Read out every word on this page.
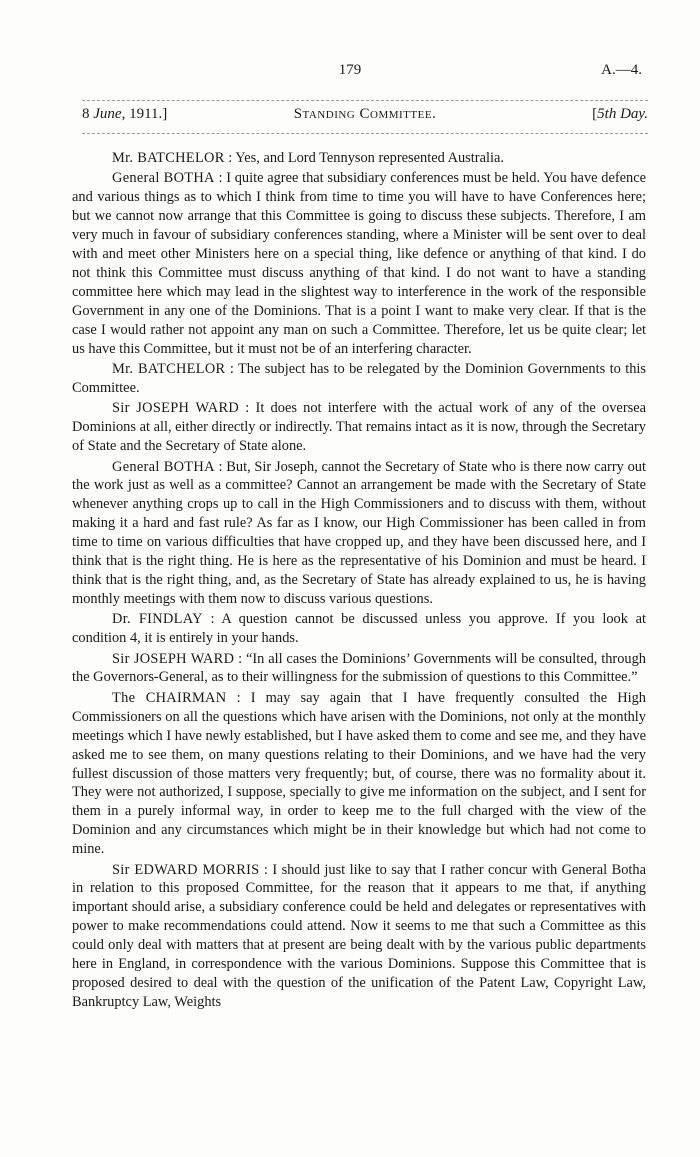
179	A.—4.
8 June, 1911.]	Standing Committee.	[5th Day.

Mr. BATCHELOR : Yes, and Lord Tennyson represented Australia.

General BOTHA : I quite agree that subsidiary conferences must be held. You have defence and various things as to which I think from time to time you will have to have Conferences here; but we cannot now arrange that this Committee is going to discuss these subjects. Therefore, I am very much in favour of subsidiary conferences standing, where a Minister will be sent over to deal with and meet other Ministers here on a special thing, like defence or anything of that kind. I do not think this Committee must discuss anything of that kind. I do not want to have a standing committee here which may lead in the slightest way to interference in the work of the responsible Government in any one of the Dominions. That is a point I want to make very clear. If that is the case I would rather not appoint any man on such a Committee. Therefore, let us be quite clear; let us have this Committee, but it must not be of an interfering character.

Mr. BATCHELOR : The subject has to be relegated by the Dominion Governments to this Committee.

Sir JOSEPH WARD : It does not interfere with the actual work of any of the oversea Dominions at all, either directly or indirectly. That remains intact as it is now, through the Secretary of State and the Secretary of State alone.

General BOTHA : But, Sir Joseph, cannot the Secretary of State who is there now carry out the work just as well as a committee? Cannot an arrangement be made with the Secretary of State whenever anything crops up to call in the High Commissioners and to discuss with them, without making it a hard and fast rule? As far as I know, our High Commissioner has been called in from time to time on various difficulties that have cropped up, and they have been discussed here, and I think that is the right thing. He is here as the representative of his Dominion and must be heard. I think that is the right thing, and, as the Secretary of State has already explained to us, he is having monthly meetings with them now to discuss various questions.

Dr. FINDLAY : A question cannot be discussed unless you approve. If you look at condition 4, it is entirely in your hands.

Sir JOSEPH WARD : “In all cases the Dominions’ Governments will be consulted, through the Governors-General, as to their willingness for the submission of questions to this Committee.”

The CHAIRMAN : I may say again that I have frequently consulted the High Commissioners on all the questions which have arisen with the Dominions, not only at the monthly meetings which I have newly established, but I have asked them to come and see me, and they have asked me to see them, on many questions relating to their Dominions, and we have had the very fullest discussion of those matters very frequently; but, of course, there was no formality about it. They were not authorized, I suppose, specially to give me information on the subject, and I sent for them in a purely informal way, in order to keep me to the full charged with the view of the Dominion and any circumstances which might be in their knowledge but which had not come to mine.

Sir EDWARD MORRIS : I should just like to say that I rather concur with General Botha in relation to this proposed Committee, for the reason that it appears to me that, if anything important should arise, a subsidiary conference could be held and delegates or representatives with power to make recommendations could attend. Now it seems to me that such a Committee as this could only deal with matters that at present are being dealt with by the various public departments here in England, in correspondence with the various Dominions. Suppose this Committee that is proposed desired to deal with the question of the unification of the Patent Law, Copyright Law, Bankruptcy Law, Weights
